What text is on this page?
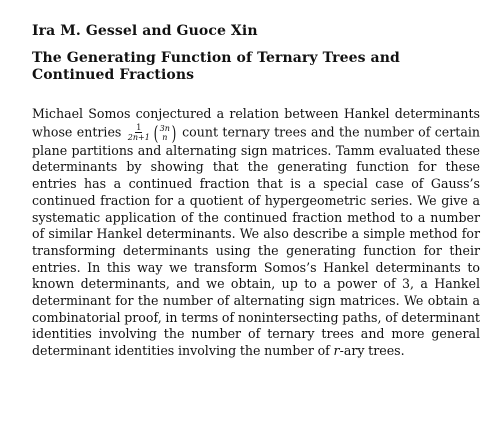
Ira M. Gessel and Guoce Xin
The Generating Function of Ternary Trees and Continued Fractions

Michael Somos conjectured a relation between Hankel determinants whose entries $\frac{1}{2n+1}$ ( 3n
n ) count ternary trees and the number of certain plane partitions and alternating sign matrices. Tamm evaluated these determinants by showing that the generating function for these entries has a continued fraction that is a special case of Gauss’s continued fraction for a quotient of hypergeometric series. We give a systematic application of the continued fraction method to a number of similar Hankel determinants. We also describe a simple method for transforming determinants using the generating function for their entries. In this way we transform Somos’s Hankel determinants to known determinants, and we obtain, up to a power of 3, a Hankel determinant for the number of alternating sign matrices. We obtain a combinatorial proof, in terms of nonintersecting paths, of determinant identities involving the number of ternary trees and more general determinant identities involving the number of r-ary trees.
